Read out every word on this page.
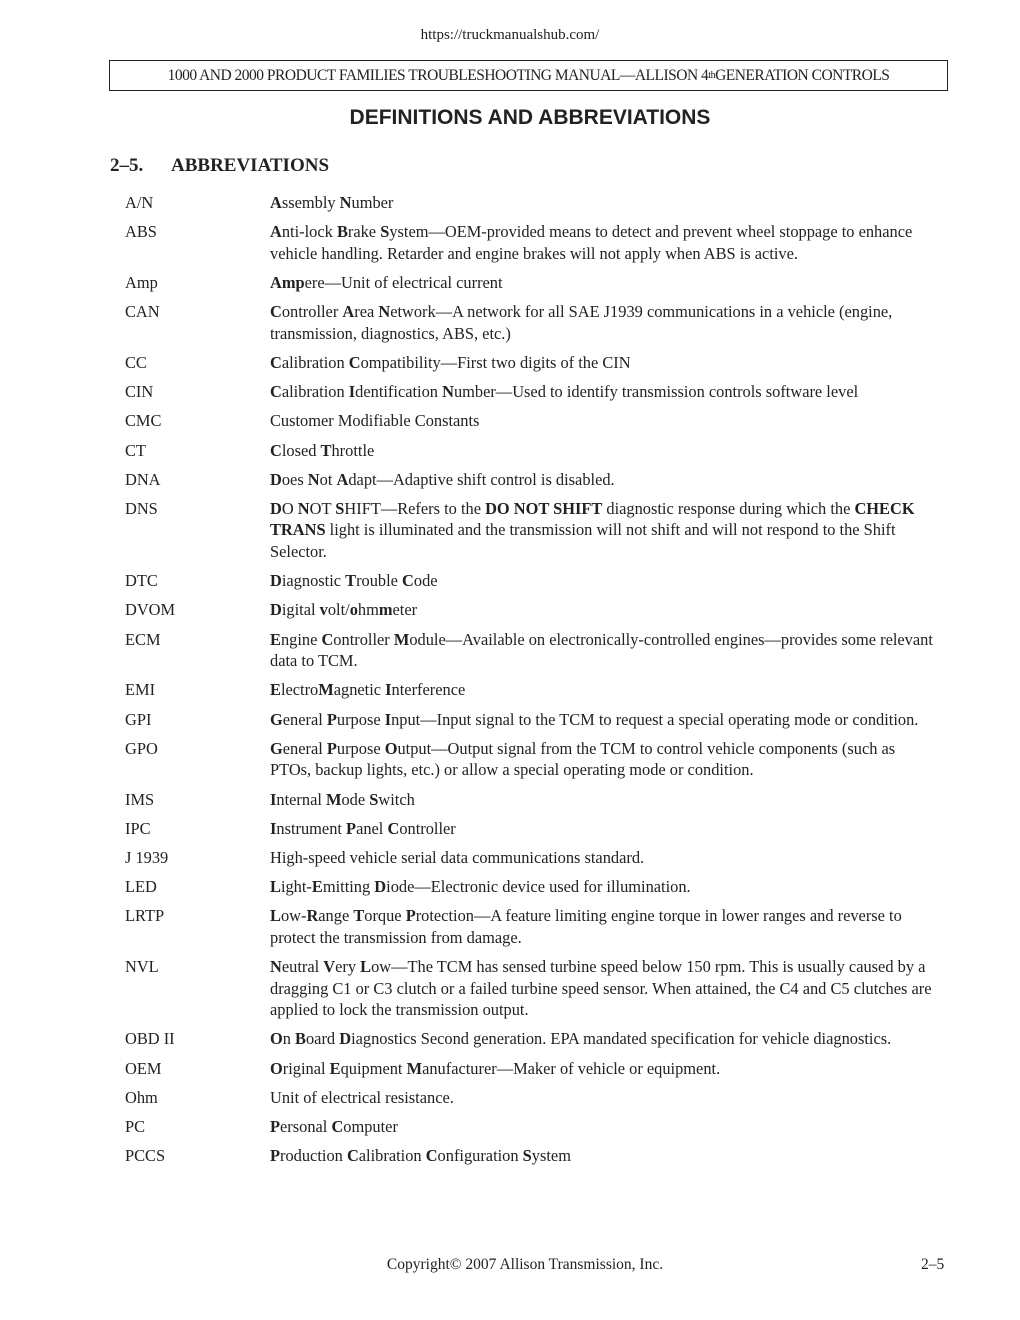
https://truckmanualshub.com/
1000 AND 2000 PRODUCT FAMILIES TROUBLESHOOTING MANUAL—ALLISON 4 th GENERATION CONTROLS
DEFINITIONS AND ABBREVIATIONS
2–5. ABBREVIATIONS
A/N	Assembly Number
ABS	Anti-lock Brake System—OEM-provided means to detect and prevent wheel stoppage to enhance vehicle handling. Retarder and engine brakes will not apply when ABS is active.
Amp	Ampere—Unit of electrical current
CAN	Controller Area Network—A network for all SAE J1939 communications in a vehicle (engine, transmission, diagnostics, ABS, etc.)
CC	Calibration Compatibility—First two digits of the CIN
CIN	Calibration Identification Number—Used to identify transmission controls software level
CMC	Customer Modifiable Constants
CT	Closed Throttle
DNA	Does Not Adapt—Adaptive shift control is disabled.
DNS	DO NOT SHIFT—Refers to the DO NOT SHIFT diagnostic response during which the CHECK TRANS light is illuminated and the transmission will not shift and will not respond to the Shift Selector.
DTC	Diagnostic Trouble Code
DVOM	Digital volt/ohmmeter
ECM	Engine Controller Module—Available on electronically-controlled engines—provides some relevant data to TCM.
EMI	ElectroMagnetic Interference
GPI	General Purpose Input—Input signal to the TCM to request a special operating mode or condition.
GPO	General Purpose Output—Output signal from the TCM to control vehicle components (such as PTOs, backup lights, etc.) or allow a special operating mode or condition.
IMS	Internal Mode Switch
IPC	Instrument Panel Controller
J 1939	High-speed vehicle serial data communications standard.
LED	Light-Emitting Diode—Electronic device used for illumination.
LRTP	Low-Range Torque Protection—A feature limiting engine torque in lower ranges and reverse to protect the transmission from damage.
NVL	Neutral Very Low—The TCM has sensed turbine speed below 150 rpm. This is usually caused by a dragging C1 or C3 clutch or a failed turbine speed sensor. When attained, the C4 and C5 clutches are applied to lock the transmission output.
OBD II	On Board Diagnostics Second generation. EPA mandated specification for vehicle diagnostics.
OEM	Original Equipment Manufacturer—Maker of vehicle or equipment.
Ohm	Unit of electrical resistance.
PC	Personal Computer
PCCS	Production Calibration Configuration System
Copyright© 2007 Allison Transmission, Inc.	2–5
